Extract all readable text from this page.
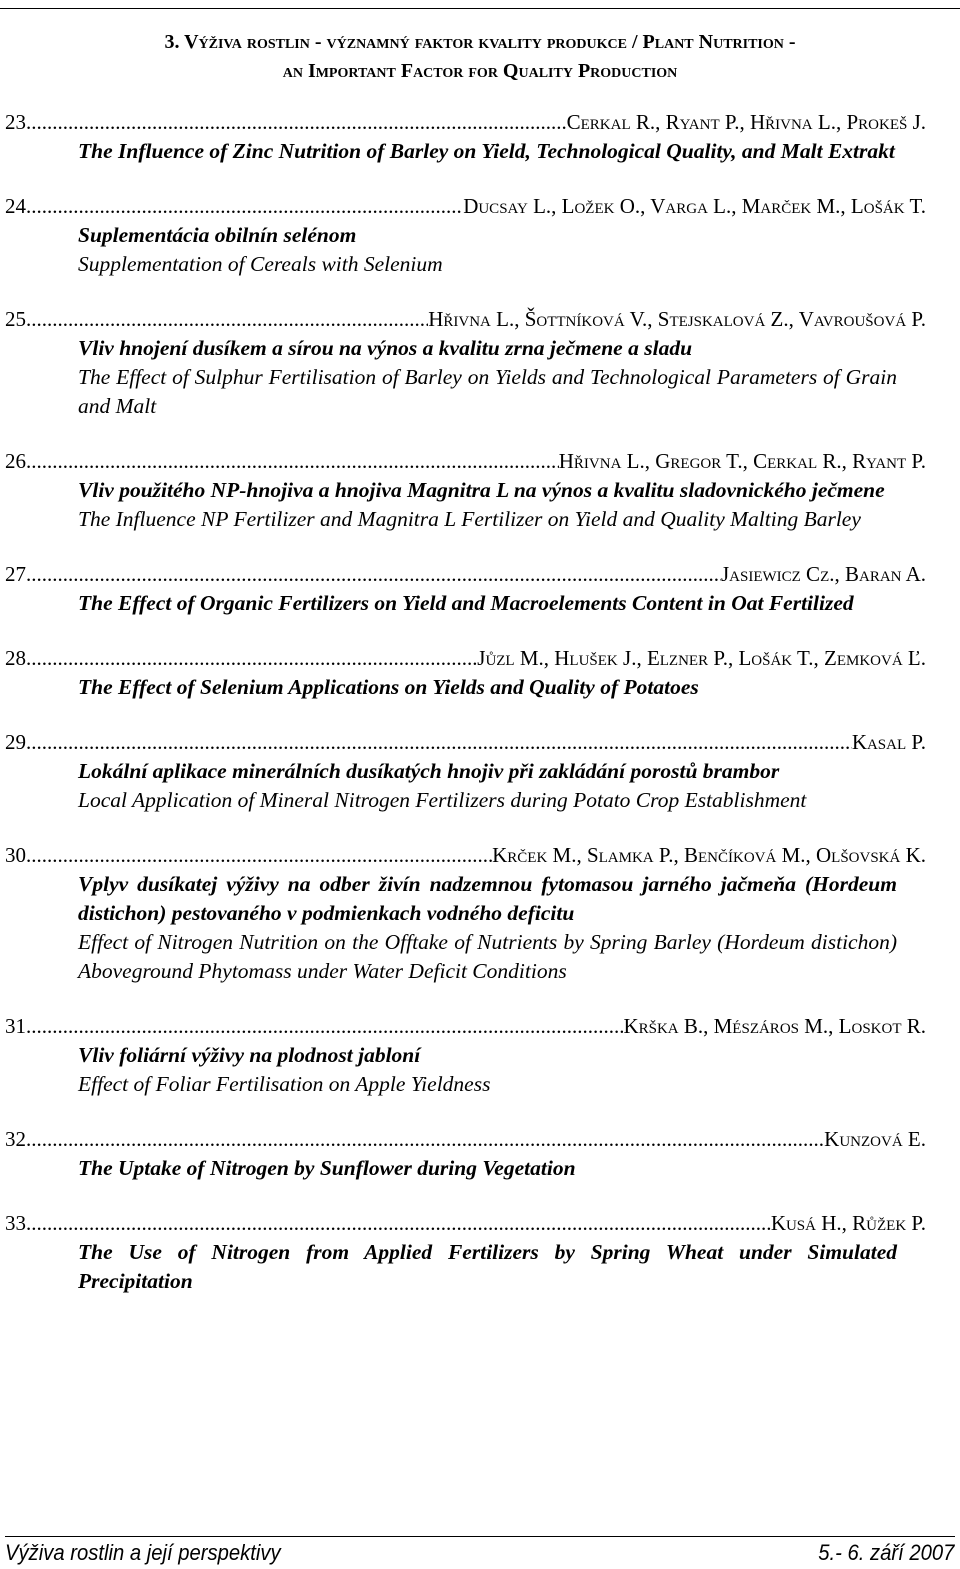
3. Výživa rostlin - významný faktor kvality produkce / Plant Nutrition -
an Important Factor for Quality Production
23. .....	Cerkal R., Ryant P., Hřivna L., Prokeš J.
The Influence of Zinc Nutrition of Barley on Yield, Technological Quality, and Malt Extrakt
24. .....	Ducsay L., Ložek O., Varga L., Marček M., Lošák T.
Suplementácia obilnín selénom
Supplementation of Cereals with Selenium
25. .....	Hřivna L., Šottníková V., Stejskalová Z., Vavroušová P.
Vliv hnojení dusíkem a sírou na výnos a kvalitu zrna ječmene a sladu
The Effect of Sulphur Fertilisation of Barley on Yields and Technological Parameters of Grain and Malt
26. .....	Hřivna L., Gregor T., Cerkal R., Ryant P.
Vliv použitého NP-hnojiva a hnojiva Magnitra L na výnos a kvalitu sladovnického ječmene
The Influence NP Fertilizer and Magnitra L Fertilizer on Yield and Quality Malting Barley
27. .....	Jasiewicz Cz., Baran A.
The Effect of Organic Fertilizers on Yield and Macroelements Content in Oat Fertilized
28. .....	Jůzl M., Hlušek J., Elzner P., Lošák T., Zemková Ľ.
The Effect of Selenium Applications on Yields and Quality of Potatoes
29. .....	Kasal P.
Lokální aplikace minerálních dusíkatých hnojiv při zakládání porostů brambor
Local Application of Mineral Nitrogen Fertilizers during Potato Crop Establishment
30. .....	Krček M., Slamka P., Benčíková M., Olšovská K.
Vplyv dusíkatej výživy na odber živín nadzemnou fytomasou jarného jačmeňa (Hordeum distichon) pestovaného v podmienkach vodného deficitu
Effect of Nitrogen Nutrition on the Offtake of Nutrients by Spring Barley (Hordeum distichon) Aboveground Phytomass under Water Deficit Conditions
31. .....	Krška B., Mészáros M., Loskot R.
Vliv foliární výživy na plodnost jabloní
Effect of Foliar Fertilisation on Apple Yieldness
32. .....	Kunzová E.
The Uptake of Nitrogen by Sunflower during Vegetation
33. .....	Kusá H., Růžek P.
The Use of Nitrogen from Applied Fertilizers by Spring Wheat under Simulated Precipitation
Výživa rostlin a její perspektivy	5.- 6. září 2007
